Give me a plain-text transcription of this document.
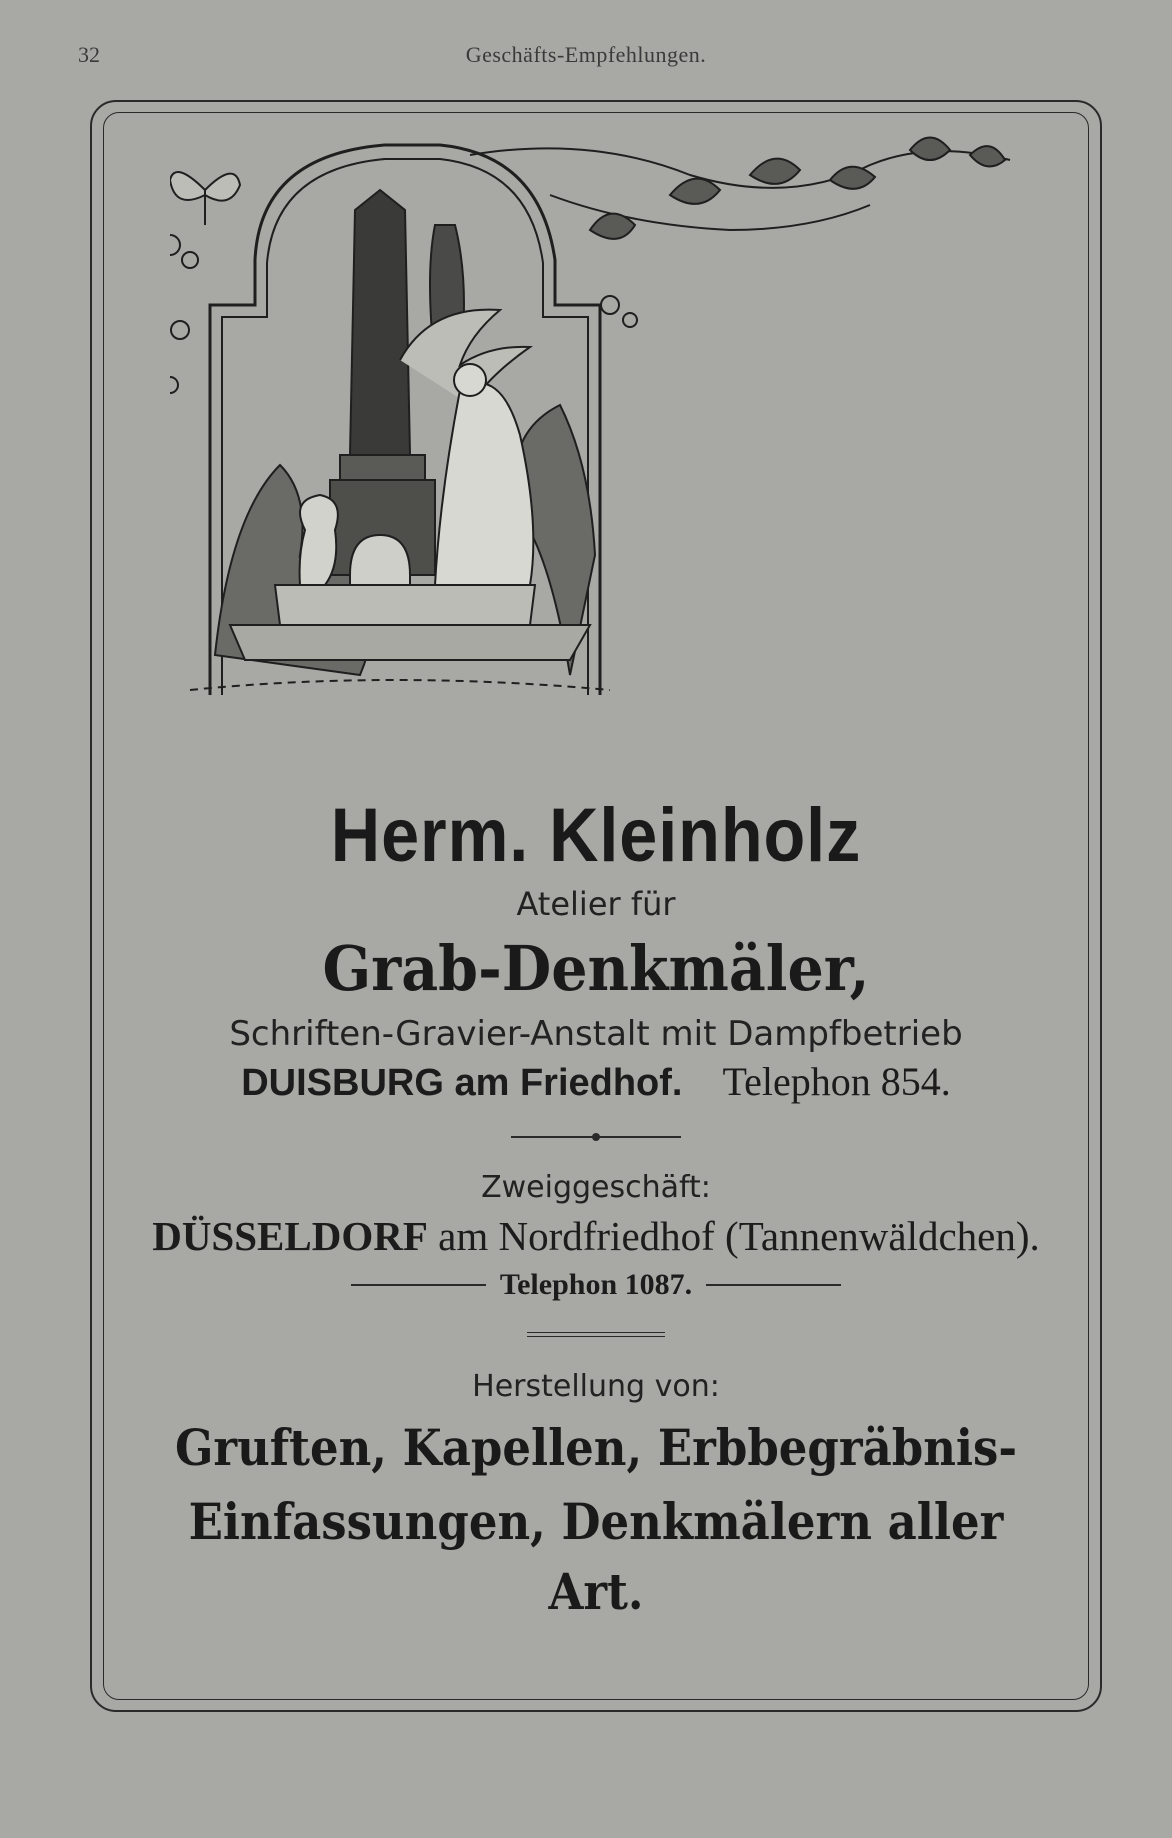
32	Geschäfts-Empfehlungen.
Herm. Kleinholz
Atelier für
Grab-Denkmäler,
Schriften-Gravier-Anstalt mit Dampfbetrieb
DUISBURG am Friedhof. Telephon 854.
Zweiggeschäft:
DÜSSELDORF am Nordfriedhof (Tannenwäldchen).
Telephon 1087.
Herstellung von:
Gruften, Kapellen, Erbbegräbnis-
Einfassungen, Denkmälern aller Art.
